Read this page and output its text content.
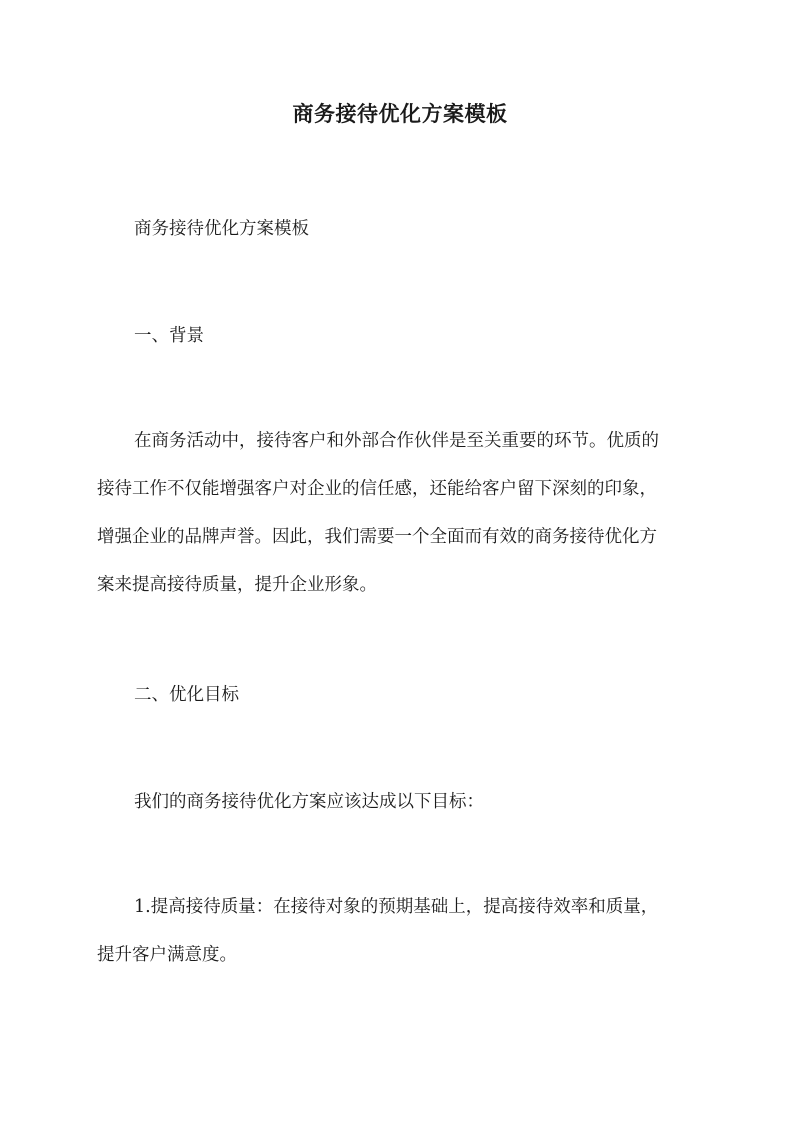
商务接待优化方案模板
商务接待优化方案模板
一、背景
在商务活动中，接待客户和外部合作伙伴是至关重要的环节。优质的
接待工作不仅能增强客户对企业的信任感，还能给客户留下深刻的印象，
增强企业的品牌声誉。因此，我们需要一个全面而有效的商务接待优化方
案来提高接待质量，提升企业形象。
二、优化目标
我们的商务接待优化方案应该达成以下目标：
1.提高接待质量：在接待对象的预期基础上，提高接待效率和质量，
提升客户满意度。
